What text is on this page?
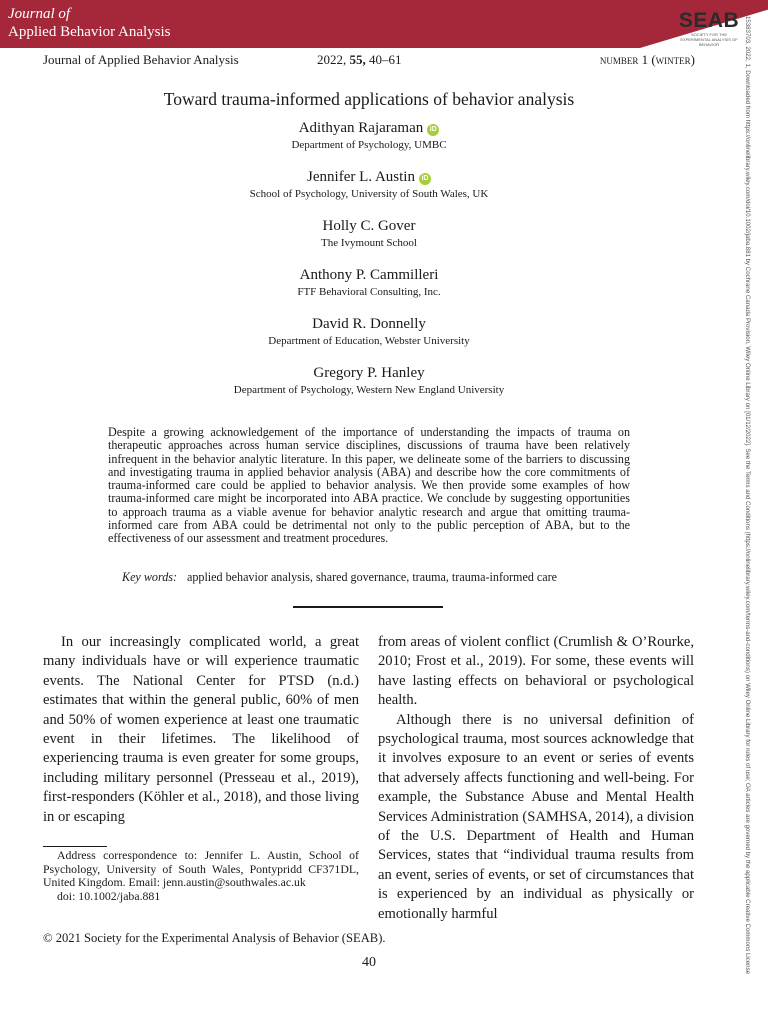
Journal of
Applied Behavior Analysis	SEAB
SOCIETY FOR THE EXPERIMENTAL ANALYSIS OF BEHAVIOR
Journal of Applied Behavior Analysis	2022, 55, 40–61	number 1 (winter)
Toward trauma-informed applications of behavior analysis
Adithyan Rajaraman iD
Department of Psychology, UMBC
Jennifer L. Austin iD
School of Psychology, University of South Wales, UK
Holly C. Gover
The Ivymount School
Anthony P. Cammilleri
FTF Behavioral Consulting, Inc.
David R. Donnelly
Department of Education, Webster University
Gregory P. Hanley
Department of Psychology, Western New England University
Despite a growing acknowledgement of the importance of understanding the impacts of trauma on therapeutic approaches across human service disciplines, discussions of trauma have been relatively infrequent in the behavior analytic literature. In this paper, we delineate some of the barriers to discussing and investigating trauma in applied behavior analysis (ABA) and describe how the core commitments of trauma-informed care could be applied to behavior analysis. We then provide some examples of how trauma-informed care might be incorporated into ABA practice. We conclude by suggesting opportunities to approach trauma as a viable avenue for behavior analytic research and argue that omitting trauma-informed care from ABA could be detrimental not only to the public perception of ABA, but to the effectiveness of our assessment and treatment procedures.
Key words: applied behavior analysis, shared governance, trauma, trauma-informed care

In our increasingly complicated world, a great many individuals have or will experience traumatic events. The National Center for PTSD (n.d.) estimates that within the general public, 60% of men and 50% of women experience at least one traumatic event in their lifetimes. The likelihood of experiencing trauma is even greater for some groups, including military personnel (Presseau et al., 2019), first-responders (Köhler et al., 2018), and those living in or escaping

from areas of violent conflict (Crumlish & O’Rourke, 2010; Frost et al., 2019). For some, these events will have lasting effects on behavioral or psychological health.

Although there is no universal definition of psychological trauma, most sources acknowledge that it involves exposure to an event or series of events that adversely affects functioning and well-being. For example, the Substance Abuse and Mental Health Services Administration (SAMHSA, 2014), a division of the U.S. Department of Health and Human Services, states that “individual trauma results from an event, series of events, or set of circumstances that is experienced by an individual as physically or emotionally harmful

Address correspondence to: Jennifer L. Austin, School of Psychology, University of South Wales, Pontypridd CF371DL, United Kingdom. Email: jenn.austin@southwales.ac.uk

doi: 10.1002/jaba.881

© 2021 Society for the Experimental Analysis of Behavior (SEAB).
40	15383703, 2022, 1, Downloaded from https://onlinelibrary.wiley.com/doi/10.1002/jaba.881 by Cochrane Canada Provision, Wiley Online Library on [01/12/2022]. See the Terms and Conditions (https://onlinelibrary.wiley.com/terms-and-conditions) on Wiley Online Library for rules of use; OA articles are governed by the applicable Creative Commons License
